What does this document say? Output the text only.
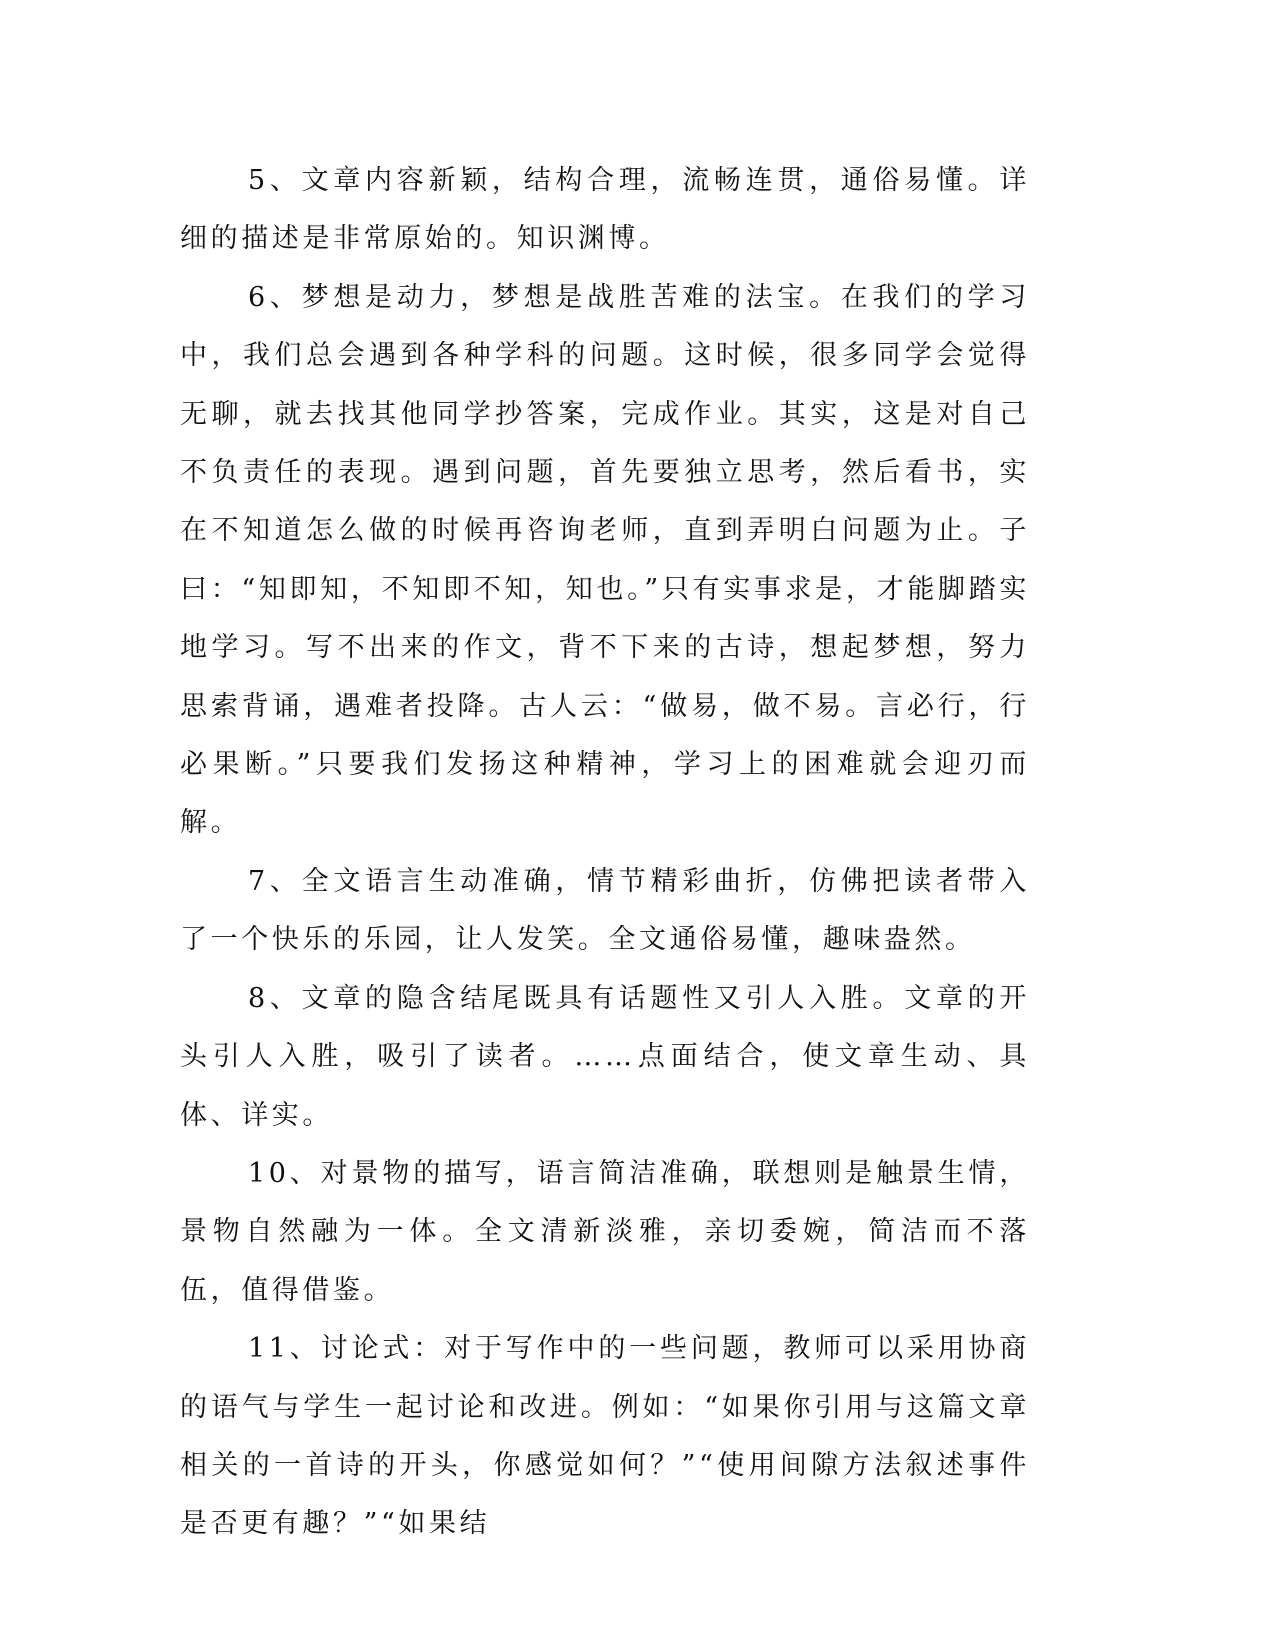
5、文章内容新颖，结构合理，流畅连贯，通俗易懂。详细的描述是非常原始的。知识渊博。

6、梦想是动力，梦想是战胜苦难的法宝。在我们的学习中，我们总会遇到各种学科的问题。这时候，很多同学会觉得无聊，就去找其他同学抄答案，完成作业。其实，这是对自己不负责任的表现。遇到问题，首先要独立思考，然后看书，实在不知道怎么做的时候再咨询老师，直到弄明白问题为止。子曰：“知即知，不知即不知，知也。”只有实事求是，才能脚踏实地学习。写不出来的作文，背不下来的古诗，想起梦想，努力思索背诵，遇难者投降。古人云：“做易，做不易。言必行，行必果断。”只要我们发扬这种精神，学习上的困难就会迎刃而解。

7、全文语言生动准确，情节精彩曲折，仿佛把读者带入了一个快乐的乐园，让人发笑。全文通俗易懂，趣味盎然。

8、文章的隐含结尾既具有话题性又引人入胜。文章的开头引人入胜，吸引了读者。……点面结合，使文章生动、具体、详实。

10、对景物的描写，语言简洁准确，联想则是触景生情，景物自然融为一体。全文清新淡雅，亲切委婉，简洁而不落伍，值得借鉴。

11、讨论式：对于写作中的一些问题，教师可以采用协商的语气与学生一起讨论和改进。例如：“如果你引用与这篇文章相关的一首诗的开头，你感觉如何？”“使用间隙方法叙述事件是否更有趣？”“如果结
